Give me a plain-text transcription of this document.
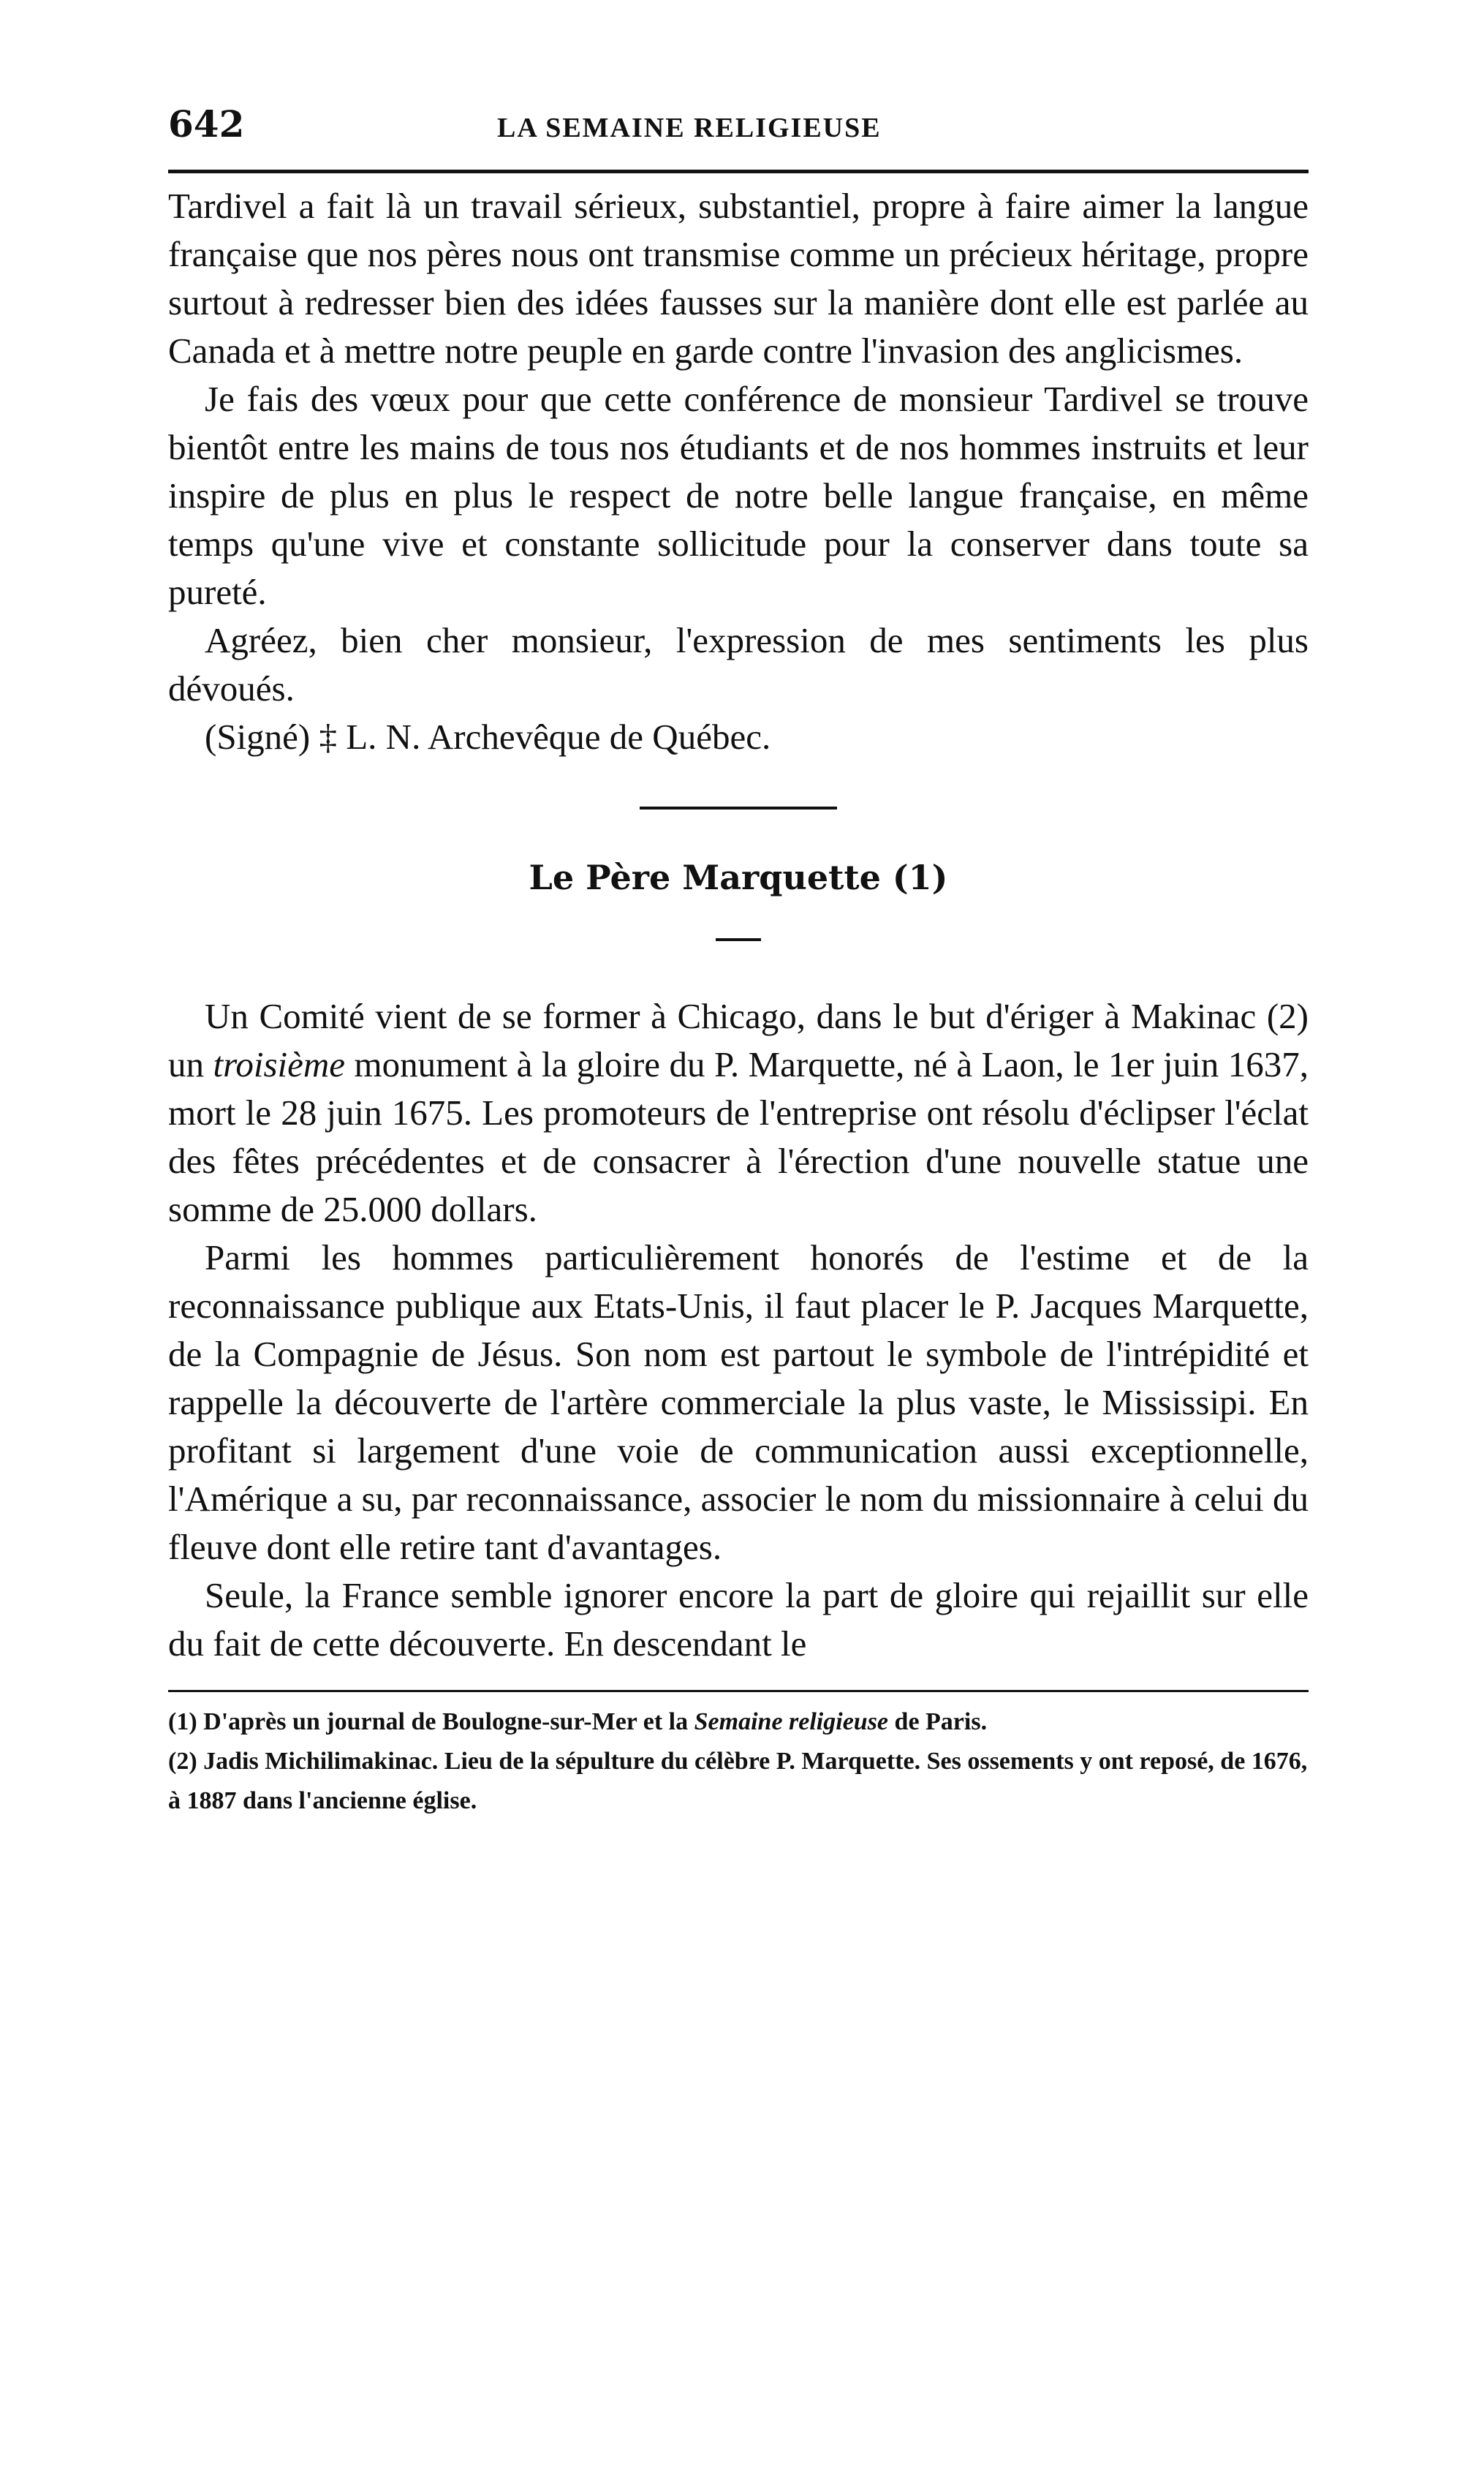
642	LA SEMAINE RELIGIEUSE

Tardivel a fait là un travail sérieux, substantiel, propre à faire aimer la langue française que nos pères nous ont transmise comme un précieux héritage, propre surtout à redresser bien des idées fausses sur la manière dont elle est parlée au Canada et à mettre notre peuple en garde contre l'invasion des anglicismes.

Je fais des vœux pour que cette conférence de monsieur Tardivel se trouve bientôt entre les mains de tous nos étudiants et de nos hommes instruits et leur inspire de plus en plus le respect de notre belle langue française, en même temps qu'une vive et constante sollicitude pour la conserver dans toute sa pureté.

Agréez, bien cher monsieur, l'expression de mes sentiments les plus dévoués.

(Signé) ‡ L. N. Archevêque de Québec.

Le Père Marquette (1)

Un Comité vient de se former à Chicago, dans le but d'ériger à Makinac (2) un troisième monument à la gloire du P. Marquette, né à Laon, le 1er juin 1637, mort le 28 juin 1675. Les promoteurs de l'entreprise ont résolu d'éclipser l'éclat des fêtes précédentes et de consacrer à l'érection d'une nouvelle statue une somme de 25.000 dollars.

Parmi les hommes particulièrement honorés de l'estime et de la reconnaissance publique aux Etats-Unis, il faut placer le P. Jacques Marquette, de la Compagnie de Jésus. Son nom est partout le symbole de l'intrépidité et rappelle la découverte de l'artère commerciale la plus vaste, le Mississipi. En profitant si largement d'une voie de communication aussi exceptionnelle, l'Amérique a su, par reconnaissance, associer le nom du missionnaire à celui du fleuve dont elle retire tant d'avantages.

Seule, la France semble ignorer encore la part de gloire qui rejaillit sur elle du fait de cette découverte. En descendant le

(1) D'après un journal de Boulogne-sur-Mer et la Semaine religieuse de Paris.

(2) Jadis Michilimakinac. Lieu de la sépulture du célèbre P. Marquette. Ses ossements y ont reposé, de 1676, à 1887 dans l'ancienne église.
